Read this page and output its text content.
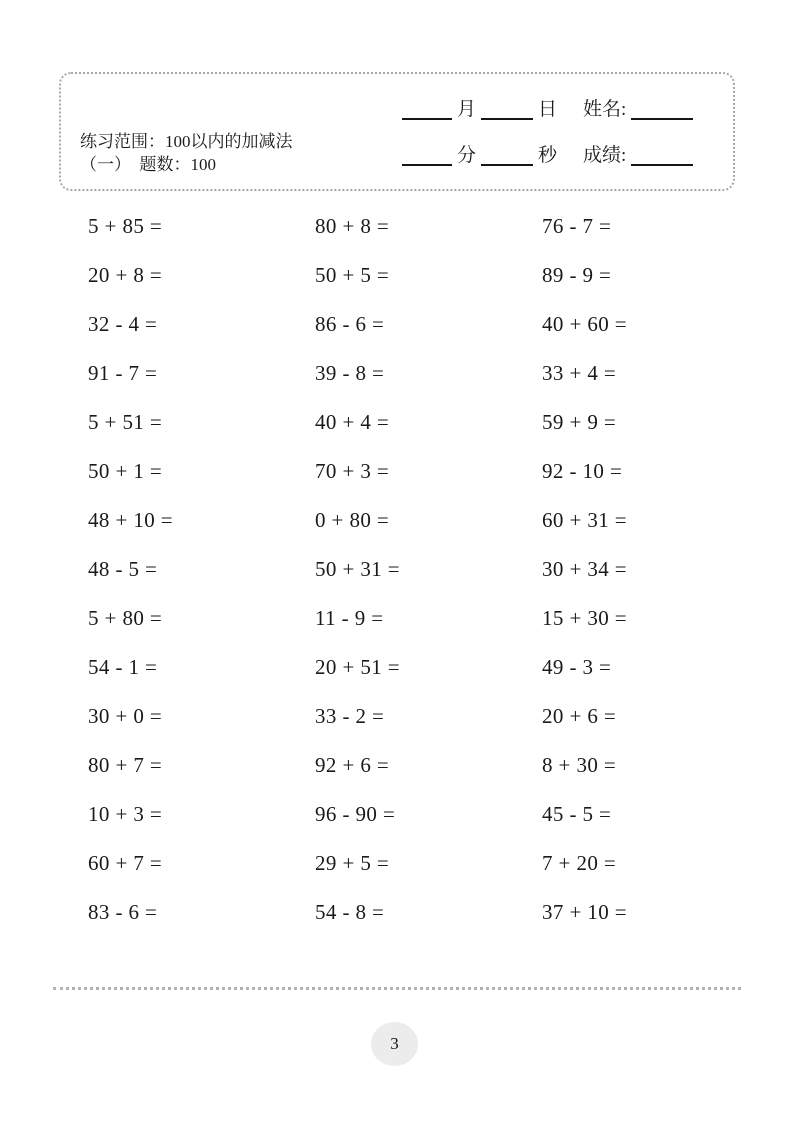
练习范围：100以内的加减法
（一）　题数：100
月	日 姓名:
分	秒 成绩:
5 + 85 =	80 + 8 =	76 - 7 =
20 + 8 =	50 + 5 =	89 - 9 =
32 - 4 =	86 - 6 =	40 + 60 =
91 - 7 =	39 - 8 =	33 + 4 =
5 + 51 =	40 + 4 =	59 + 9 =
50 + 1 =	70 + 3 =	92 - 10 =
48 + 10 =	0 + 80 =	60 + 31 =
48 - 5 =	50 + 31 =	30 + 34 =
5 + 80 =	11 - 9 =	15 + 30 =
54 - 1 =	20 + 51 =	49 - 3 =
30 + 0 =	33 - 2 =	20 + 6 =
80 + 7 =	92 + 6 =	8 + 30 =
10 + 3 =	96 - 90 =	45 - 5 =
60 + 7 =	29 + 5 =	7 + 20 =
83 - 6 =	54 - 8 =	37 + 10 =
3
